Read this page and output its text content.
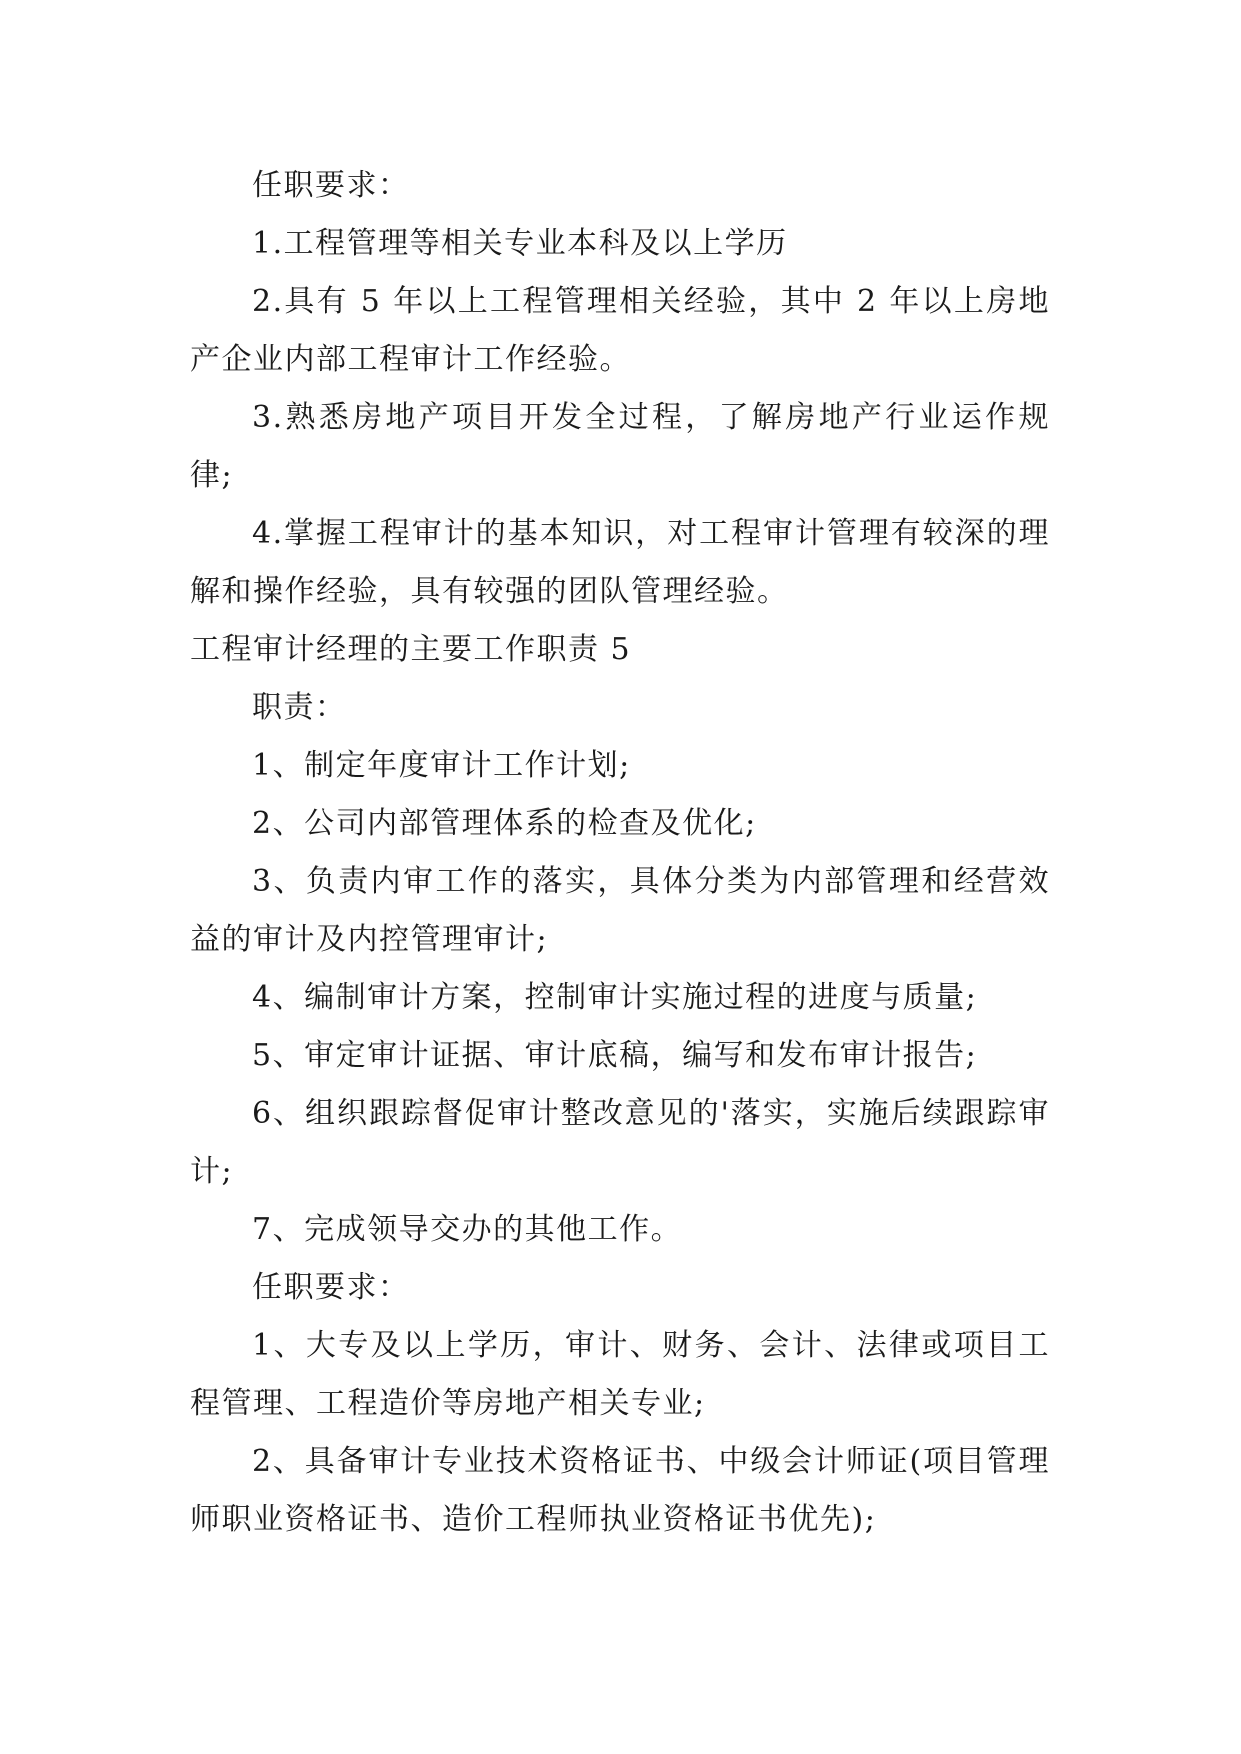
任职要求：

1.工程管理等相关专业本科及以上学历

2.具有 5 年以上工程管理相关经验，其中 2 年以上房地产企业内部工程审计工作经验。

3.熟悉房地产项目开发全过程，了解房地产行业运作规律;

4.掌握工程审计的基本知识，对工程审计管理有较深的理解和操作经验，具有较强的团队管理经验。

工程审计经理的主要工作职责 5

职责：

1、制定年度审计工作计划;

2、公司内部管理体系的检查及优化;

3、负责内审工作的落实，具体分类为内部管理和经营效益的审计及内控管理审计;

4、编制审计方案，控制审计实施过程的进度与质量;

5、审定审计证据、审计底稿，编写和发布审计报告;

6、组织跟踪督促审计整改意见的'落实，实施后续跟踪审计;

7、完成领导交办的其他工作。

任职要求：

1、大专及以上学历，审计、财务、会计、法律或项目工程管理、工程造价等房地产相关专业;

2、具备审计专业技术资格证书、中级会计师证(项目管理师职业资格证书、造价工程师执业资格证书优先);
